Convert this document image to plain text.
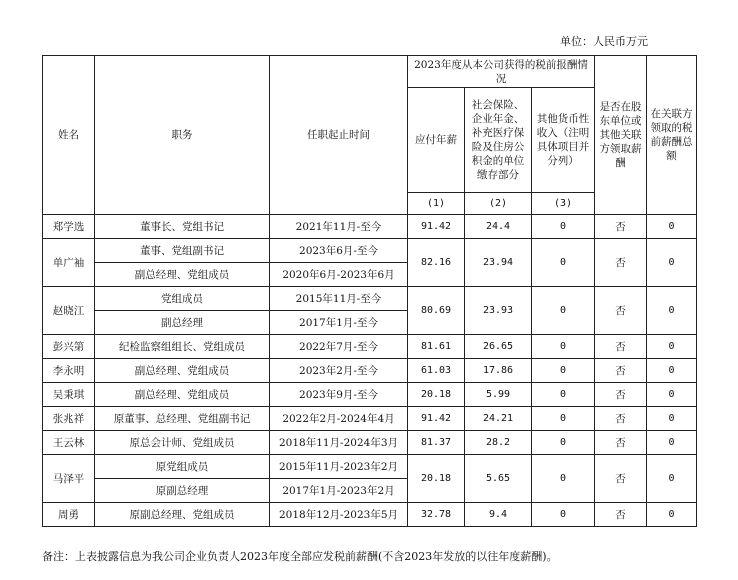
单位：人民币万元
姓名	职务	任职起止时间	2023年度从本公司获得的税前报酬情况			是否在股东单位或其他关联方领取薪酬	在关联方领取的税前薪酬总额
			应付年薪	社会保险、企业年金、补充医疗保险及住房公积金的单位缴存部分	其他货币性收入（注明具体项目并分列）		
			(1)	(2)	(3)		
郑学选	董事长、党组书记	2021年11月-至今	91.42	24.4	0	否	0
单广袖	董事、党组副书记	2023年6月-至今	82.16	23.94	0	否	0
	副总经理、党组成员	2020年6月-2023年6月					
赵晓江	党组成员	2015年11月-至今	80.69	23.93	0	否	0
	副总经理	2017年1月-至今					
彭兴第	纪检监察组组长、党组成员	2022年7月-至今	81.61	26.65	0	否	0
李永明	副总经理、党组成员	2023年2月-至今	61.03	17.86	0	否	0
吴秉琪	副总经理、党组成员	2023年9月-至今	20.18	5.99	0	否	0
张兆祥	原董事、总经理、党组副书记	2022年2月-2024年4月	91.42	24.21	0	否	0
王云林	原总会计师、党组成员	2018年11月-2024年3月	81.37	28.2	0	否	0
马泽平	原党组成员	2015年11月-2023年2月	20.18	5.65	0	否	0
	原副总经理	2017年1月-2023年2月					
周勇	原副总经理、党组成员	2018年12月-2023年5月	32.78	9.4	0	否	0
备注：上表披露信息为我公司企业负责人2023年度全部应发税前薪酬(不含2023年发放的以往年度薪酬)。
